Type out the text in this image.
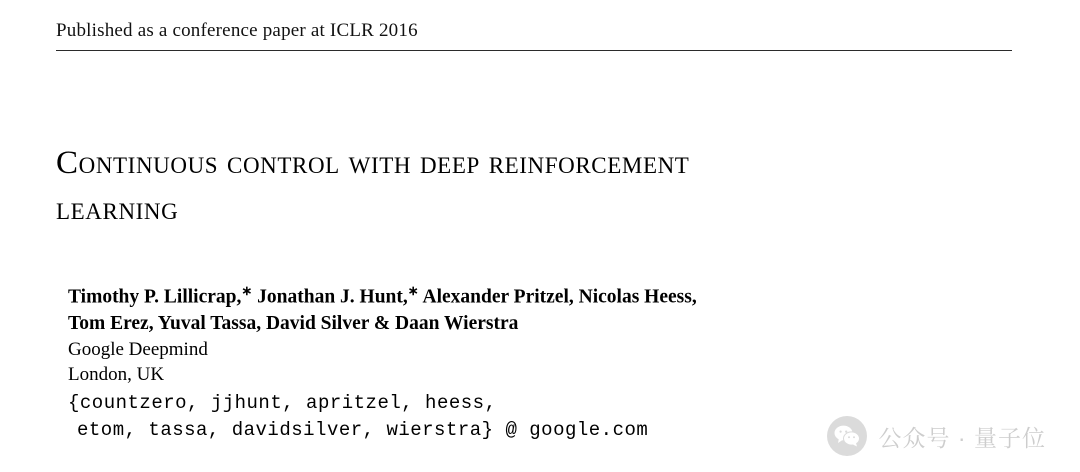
Published as a conference paper at ICLR 2016
Continuous control with deep reinforcement
learning
Timothy P. Lillicrap,∗ Jonathan J. Hunt,∗ Alexander Pritzel, Nicolas Heess,
Tom Erez, Yuval Tassa, David Silver & Daan Wierstra
Google Deepmind
London, UK
{countzero, jjhunt, apritzel, heess,
etom, tassa, davidsilver, wierstra} @ google.com	公众号 · 量子位
